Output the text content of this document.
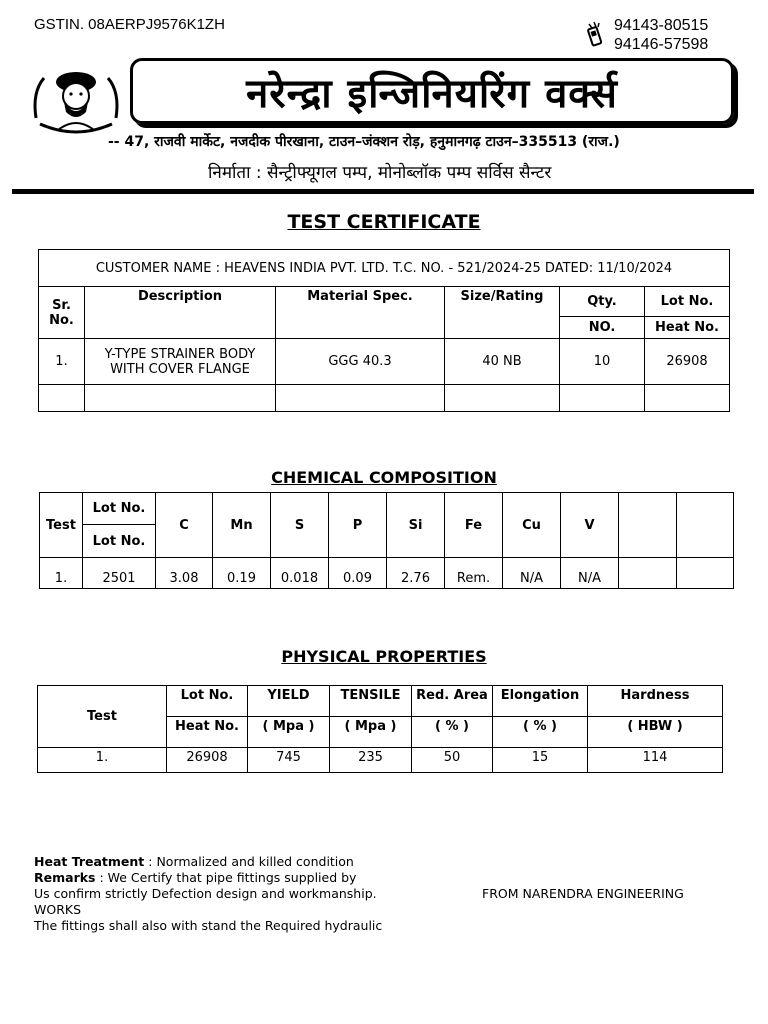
GSTIN. 08AERPJ9576K1ZH	94143-80515
94146-57598
नरेन्द्रा इन्जिनियरिंग वर्क्स
-- 47, राजवी मार्केट, नजदीक पीरखाना, टाउन–जंक्शन रोड़, हनुमानगढ़ टाउन–335513 (राज.)
निर्माता : सैन्ट्रीफ्यूगल पम्प, मोनोब्लॉक पम्प सर्विस सैन्टर
TEST CERTIFICATE
CUSTOMER NAME : HEAVENS INDIA PVT. LTD. T.C. NO. - 521/2024-25 DATED: 11/10/2024
Sr. No.	Description	Material Spec.	Size/Rating	Qty.	Lot No.
				NO.	Heat No.
1.	Y-TYPE STRAINER BODY WITH COVER FLANGE	GGG 40.3	40 NB	10	26908

CHEMICAL COMPOSITION
Test	Lot No.	C	Mn	S	P	Si	Fe	Cu	V		
	Lot No.										
1.	2501	3.08	0.19	0.018	0.09	2.76	Rem.	N/A	N/A		
PHYSICAL PROPERTIES
Test	Lot No.	YIELD	TENSILE	Red. Area	Elongation	Hardness
	Heat No.	( Mpa )	( Mpa )	( % )	( % )	( HBW )
1.	26908	745	235	50	15	114
Heat Treatment : Normalized and killed condition
Remarks : We Certify that pipe fittings supplied by
Us confirm strictly Defection design and workmanship.
WORKS
The fittings shall also with stand the Required hydraulic
FROM NARENDRA ENGINEERING
